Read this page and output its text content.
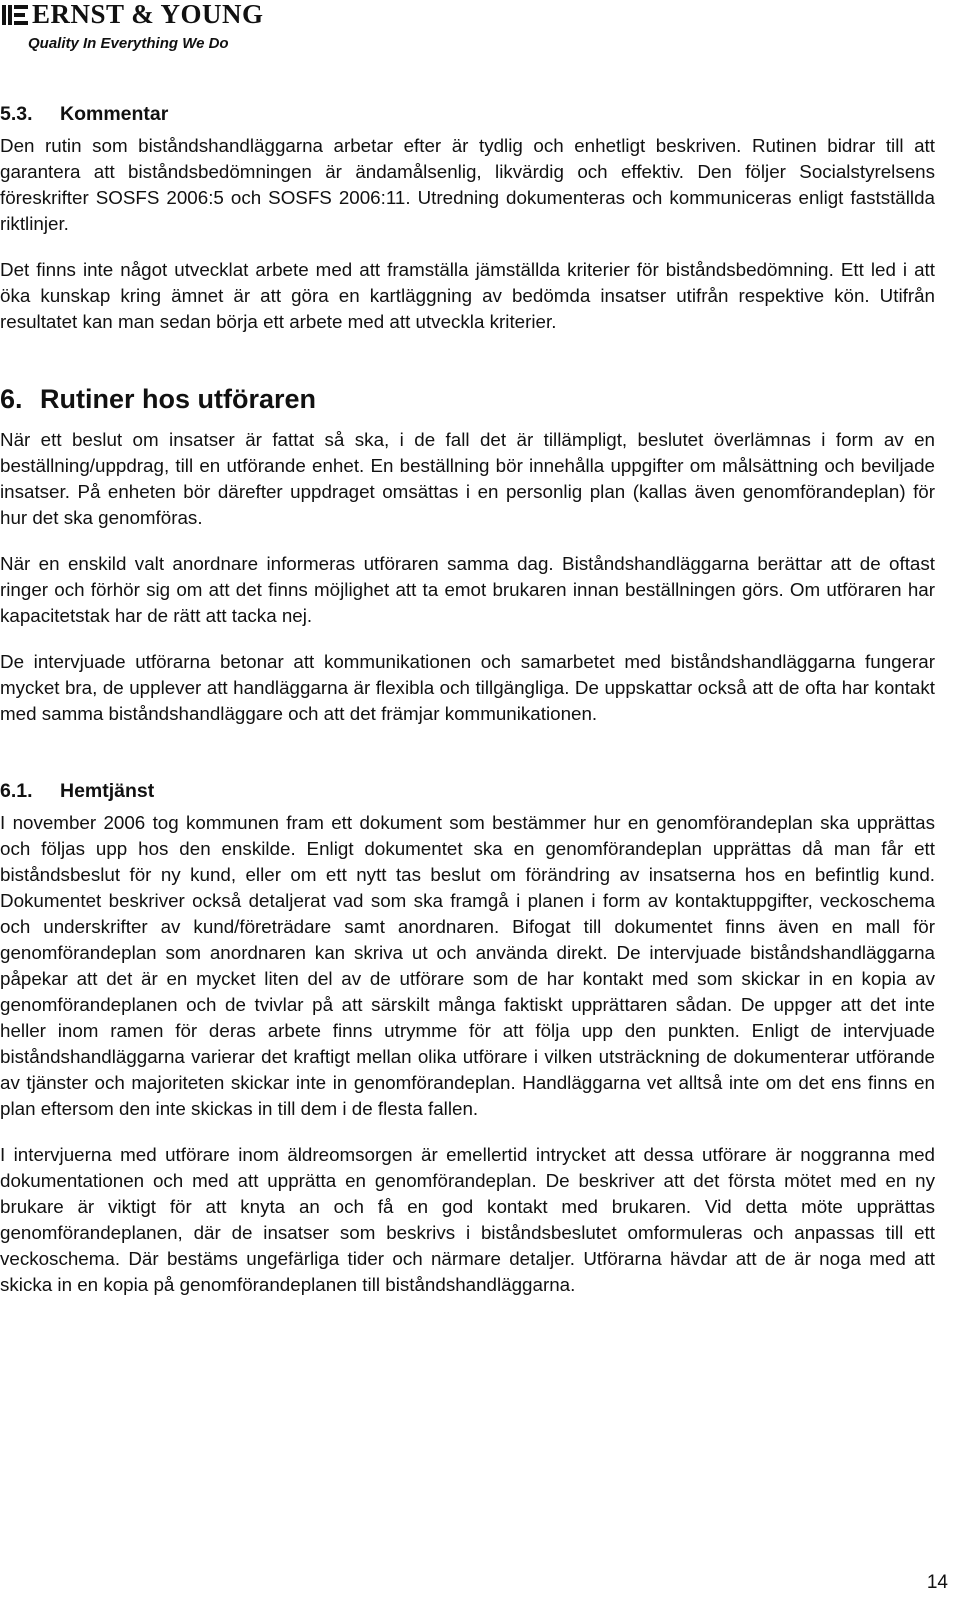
ERNST & YOUNG
Quality In Everything We Do
5.3. Kommentar

Den rutin som biståndshandläggarna arbetar efter är tydlig och enhetligt beskriven. Rutinen bidrar till att garantera att biståndsbedömningen är ändamålsenlig, likvärdig och effektiv. Den följer Socialstyrelsens föreskrifter SOSFS 2006:5 och SOSFS 2006:11. Utredning dokumenteras och kommuniceras enligt fastställda riktlinjer.

Det finns inte något utvecklat arbete med att framställa jämställda kriterier för biståndsbedömning. Ett led i att öka kunskap kring ämnet är att göra en kartläggning av bedömda insatser utifrån respektive kön. Utifrån resultatet kan man sedan börja ett arbete med att utveckla kriterier.

6. Rutiner hos utföraren

När ett beslut om insatser är fattat så ska, i de fall det är tillämpligt, beslutet överlämnas i form av en beställning/uppdrag, till en utförande enhet. En beställning bör innehålla uppgifter om målsättning och beviljade insatser. På enheten bör därefter uppdraget omsättas i en personlig plan (kallas även genomförandeplan) för hur det ska genomföras.

När en enskild valt anordnare informeras utföraren samma dag. Biståndshandläggarna berättar att de oftast ringer och förhör sig om att det finns möjlighet att ta emot brukaren innan beställningen görs. Om utföraren har kapacitetstak har de rätt att tacka nej.

De intervjuade utförarna betonar att kommunikationen och samarbetet med biståndshandläggarna fungerar mycket bra, de upplever att handläggarna är flexibla och tillgängliga. De uppskattar också att de ofta har kontakt med samma biståndshandläggare och att det främjar kommunikationen.

6.1. Hemtjänst

I november 2006 tog kommunen fram ett dokument som bestämmer hur en genomförandeplan ska upprättas och följas upp hos den enskilde. Enligt dokumentet ska en genomförandeplan upprättas då man får ett biståndsbeslut för ny kund, eller om ett nytt tas beslut om förändring av insatserna hos en befintlig kund. Dokumentet beskriver också detaljerat vad som ska framgå i planen i form av kontaktuppgifter, veckoschema och underskrifter av kund/företrädare samt anordnaren. Bifogat till dokumentet finns även en mall för genomförandeplan som anordnaren kan skriva ut och använda direkt. De intervjuade biståndshandläggarna påpekar att det är en mycket liten del av de utförare som de har kontakt med som skickar in en kopia av genomförandeplanen och de tvivlar på att särskilt många faktiskt upprättaren sådan. De uppger att det inte heller inom ramen för deras arbete finns utrymme för att följa upp den punkten. Enligt de intervjuade biståndshandläggarna varierar det kraftigt mellan olika utförare i vilken utsträckning de dokumenterar utförande av tjänster och majoriteten skickar inte in genomförandeplan. Handläggarna vet alltså inte om det ens finns en plan eftersom den inte skickas in till dem i de flesta fallen.

I intervjuerna med utförare inom äldreomsorgen är emellertid intrycket att dessa utförare är noggranna med dokumentationen och med att upprätta en genomförandeplan. De beskriver att det första mötet med en ny brukare är viktigt för att knyta an och få en god kontakt med brukaren. Vid detta möte upprättas genomförandeplanen, där de insatser som beskrivs i biståndsbeslutet omformuleras och anpassas till ett veckoschema. Där bestäms ungefärliga tider och närmare detaljer. Utförarna hävdar att de är noga med att skicka in en kopia på genomförandeplanen till biståndshandläggarna.

14
